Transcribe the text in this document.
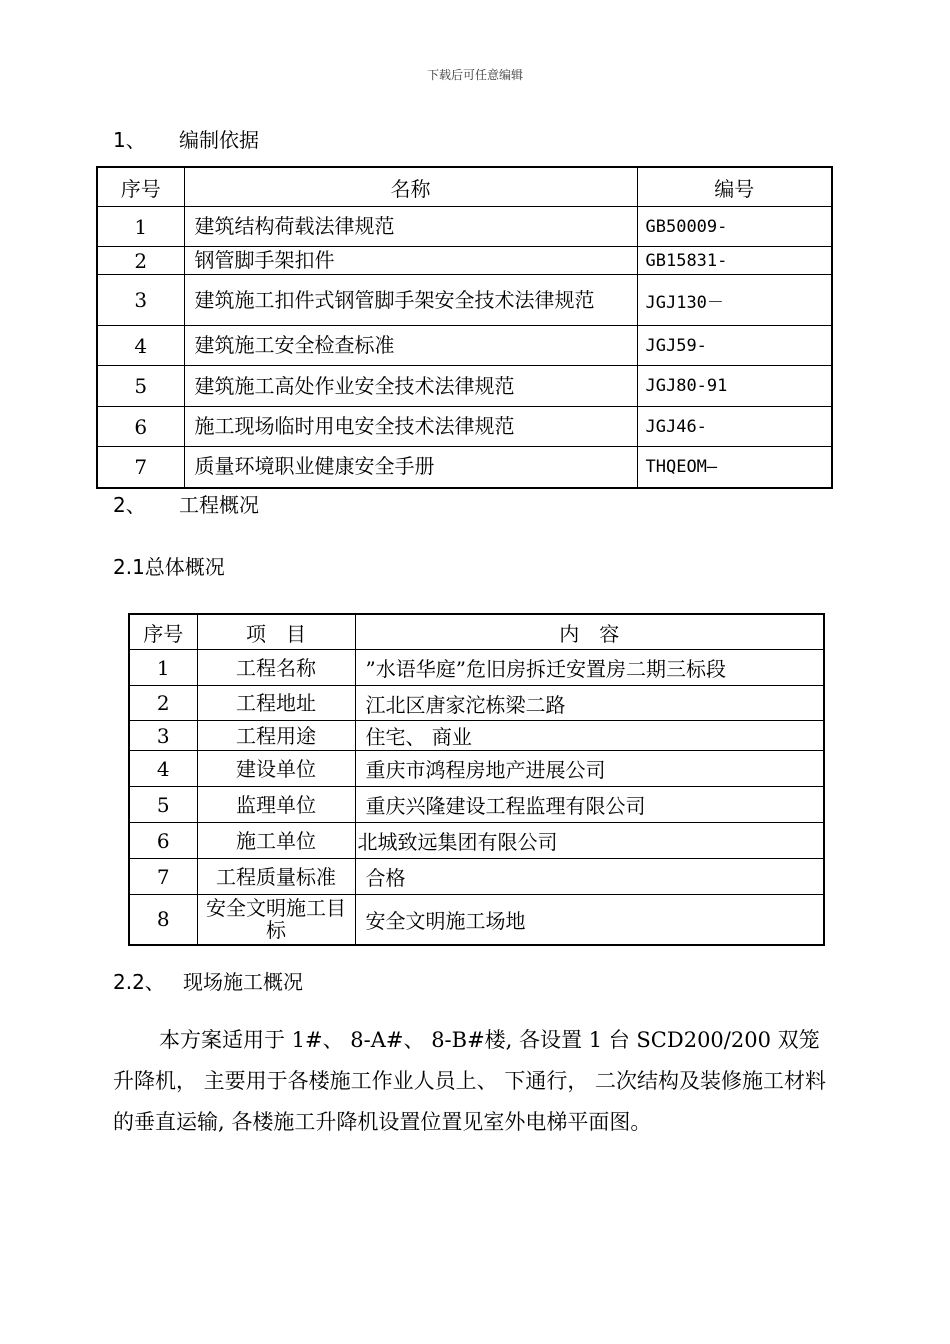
下载后可任意编辑
1、 编制依据
序号	名称	编号
1	建筑结构荷载法律规范	GB50009-
2	钢管脚手架扣件	GB15831-
3	建筑施工扣件式钢管脚手架安全技术法律规范	JGJ130－
4	建筑施工安全检查标准	JGJ59-
5	建筑施工高处作业安全技术法律规范	JGJ80-91
6	施工现场临时用电安全技术法律规范	JGJ46-
7	质量环境职业健康安全手册	THQEOM—
2、 工程概况
2.1总体概况
序号	项　目	内　容
1	工程名称	”水语华庭”危旧房拆迁安置房二期三标段
2	工程地址	江北区唐家沱栋梁二路
3	工程用途	住宅、 商业
4	建设单位	重庆市鸿程房地产进展公司
5	监理单位	重庆兴隆建设工程监理有限公司
6	施工单位	北城致远集团有限公司
7	工程质量标准	合格
8	安全文明施工目标	安全文明施工场地
2.2、 现场施工概况
本方案适用于 1#、 8-A#、 8-B#楼, 各设置 1 台 SCD200/200 双笼升降机， 主要用于各楼施工作业人员上、 下通行， 二次结构及装修施工材料的垂直运输, 各楼施工升降机设置位置见室外电梯平面图。
